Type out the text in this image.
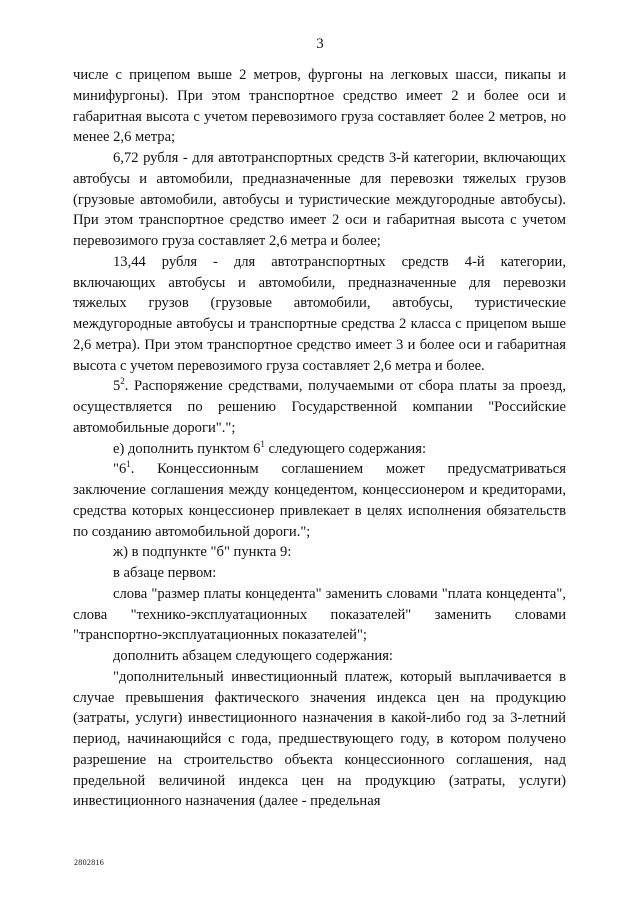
3

числе с прицепом выше 2 метров, фургоны на легковых шасси, пикапы и минифургоны). При этом транспортное средство имеет 2 и более оси и габаритная высота с учетом перевозимого груза составляет более 2 метров, но менее 2,6 метра;

6,72 рубля - для автотранспортных средств 3-й категории, включающих автобусы и автомобили, предназначенные для перевозки тяжелых грузов (грузовые автомобили, автобусы и туристические междугородные автобусы). При этом транспортное средство имеет 2 оси и габаритная высота с учетом перевозимого груза составляет 2,6 метра и более;

13,44 рубля - для автотранспортных средств 4-й категории, включающих автобусы и автомобили, предназначенные для перевозки тяжелых грузов (грузовые автомобили, автобусы, туристические междугородные автобусы и транспортные средства 2 класса с прицепом выше 2,6 метра). При этом транспортное средство имеет 3 и более оси и габаритная высота с учетом перевозимого груза составляет 2,6 метра и более.

$5^2$. Распоряжение средствами, получаемыми от сбора платы за проезд, осуществляется по решению Государственной компании "Российские автомобильные дороги".";

е) дополнить пунктом $6^1$ следующего содержания:

"$6^1$. Концессионным соглашением может предусматриваться заключение соглашения между концедентом, концессионером и кредиторами, средства которых концессионер привлекает в целях исполнения обязательств по созданию автомобильной дороги.";

ж) в подпункте "б" пункта 9:

в абзаце первом:

слова "размер платы концедента" заменить словами "плата концедента", слова "технико-эксплуатационных показателей" заменить словами "транспортно-эксплуатационных показателей";

дополнить абзацем следующего содержания:

"дополнительный инвестиционный платеж, который выплачивается в случае превышения фактического значения индекса цен на продукцию (затраты, услуги) инвестиционного назначения в какой-либо год за 3-летний период, начинающийся с года, предшествующего году, в котором получено разрешение на строительство объекта концессионного соглашения, над предельной величиной индекса цен на продукцию (затраты, услуги) инвестиционного назначения (далее - предельная

2802816
